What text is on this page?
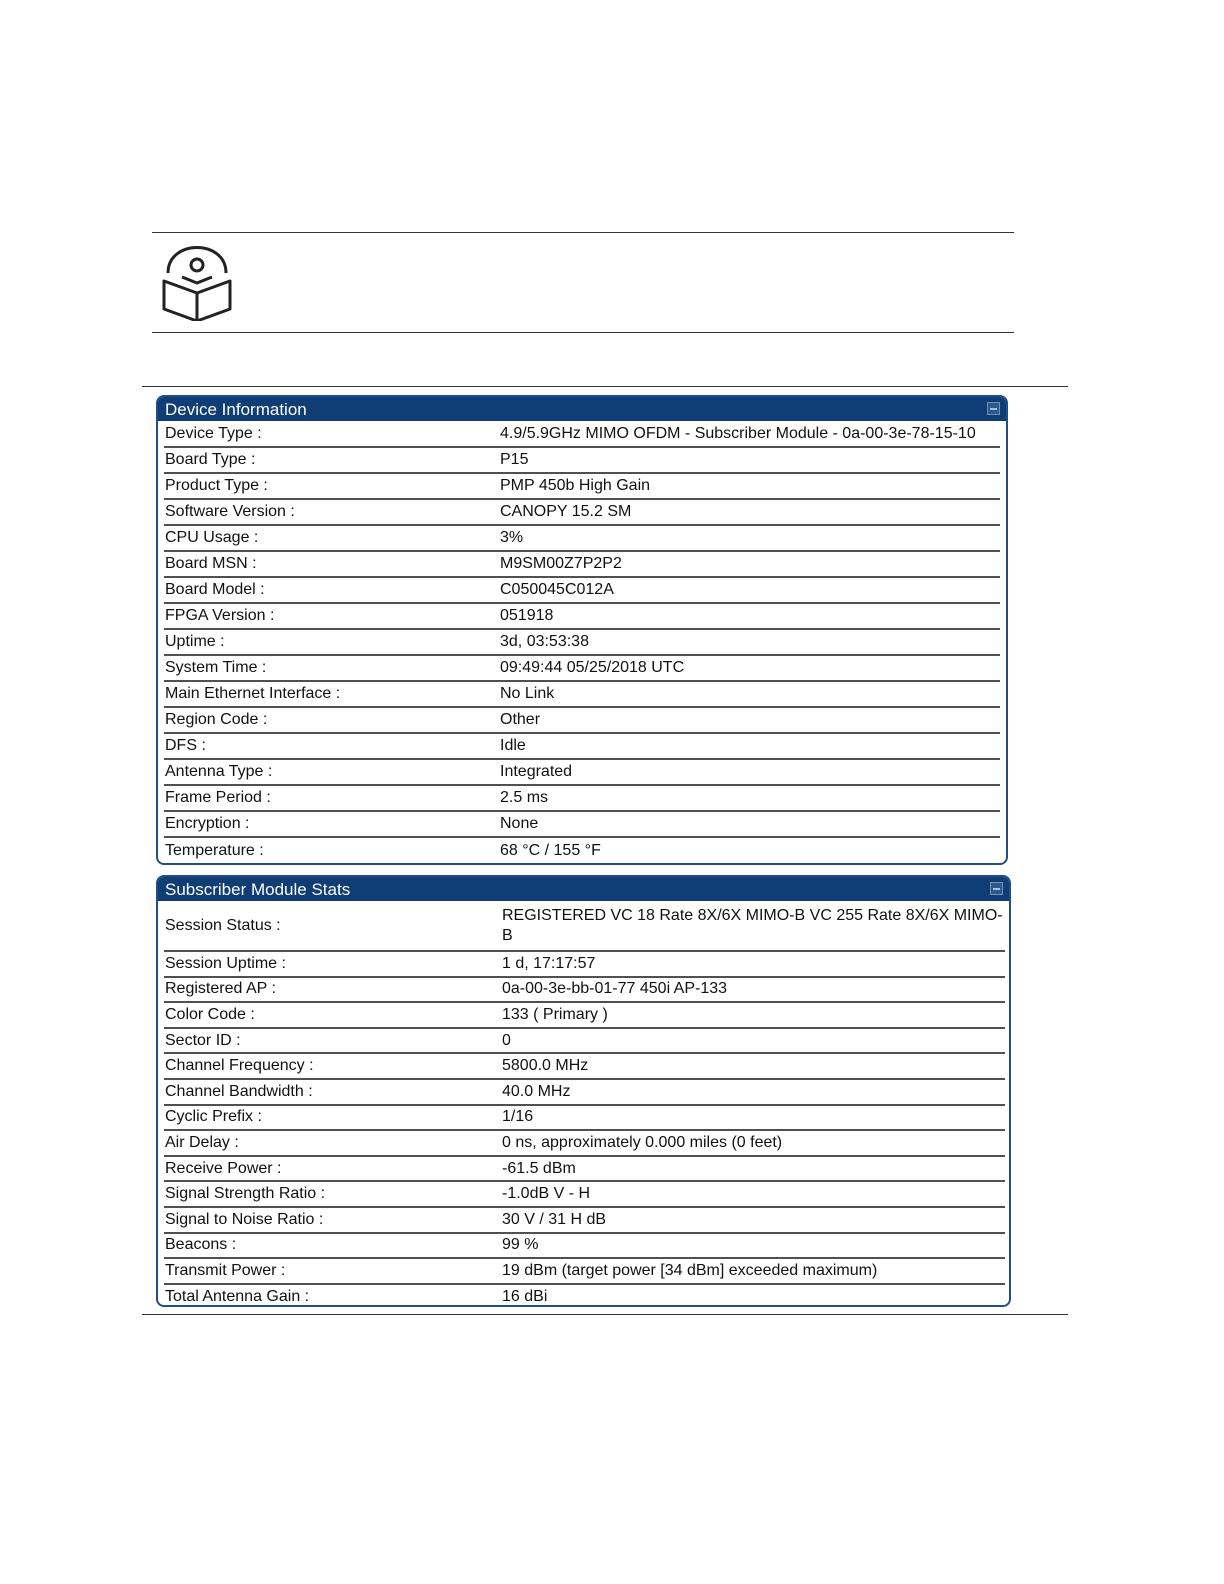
Device Information
Device Type :	4.9/5.9GHz MIMO OFDM - Subscriber Module - 0a-00-3e-78-15-10
Board Type :	P15
Product Type :	PMP 450b High Gain
Software Version :	CANOPY 15.2 SM
CPU Usage :	3%
Board MSN :	M9SM00Z7P2P2
Board Model :	C050045C012A
FPGA Version :	051918
Uptime :	3d, 03:53:38
System Time :	09:49:44 05/25/2018 UTC
Main Ethernet Interface :	No Link
Region Code :	Other
DFS :	Idle
Antenna Type :	Integrated
Frame Period :	2.5 ms
Encryption :	None
Temperature :	68 °C / 155 °F
Subscriber Module Stats
Session Status :	REGISTERED VC 18 Rate 8X/6X MIMO-B VC 255 Rate 8X/6X MIMO-B
Session Uptime :	1 d, 17:17:57
Registered AP :	0a-00-3e-bb-01-77 450i AP-133
Color Code :	133 ( Primary )
Sector ID :	0
Channel Frequency :	5800.0 MHz
Channel Bandwidth :	40.0 MHz
Cyclic Prefix :	1/16
Air Delay :	0 ns, approximately 0.000 miles (0 feet)
Receive Power :	-61.5 dBm
Signal Strength Ratio :	-1.0dB V - H
Signal to Noise Ratio :	30 V / 31 H dB
Beacons :	99 %
Transmit Power :	19 dBm (target power [34 dBm] exceeded maximum)
Total Antenna Gain :	16 dBi
